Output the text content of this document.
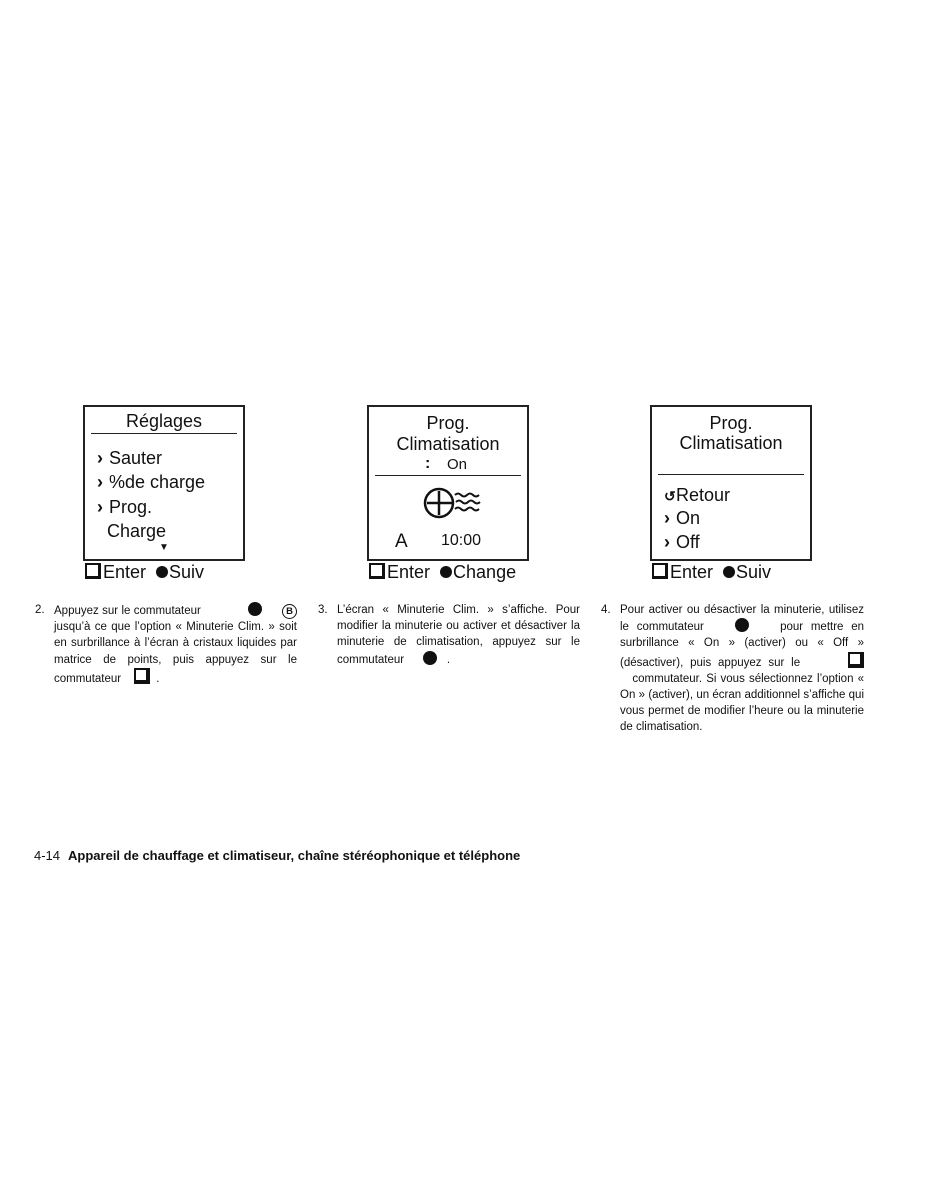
Réglages
› Sauter
› %de charge
› Prog.
Charge
▼
Enter Suiv
Prog.
Climatisation
: On
A 10:00
Enter Change
Prog.
Climatisation
↺Retour
› On
› Off
Enter Suiv
2. Appuyez sur le commutateur	B jusqu’à ce que l’option « Minuterie Clim. » soit en surbrillance à l’écran à cristaux liquides par matrice de points, puis appuyez sur le commutateur	.
3. L’écran « Minuterie Clim. » s’affiche. Pour modifier la minuterie ou activer et désactiver la minuterie de climatisation, appuyez sur le commutateur	.
4. Pour activer ou désactiver la minuterie, utilisez le commutateur	pour mettre en surbrillance « On » (activer) ou « Off » (désactiver), puis appuyez sur le          commutateur. Si vous sélectionnez l’option « On » (activer), un écran additionnel s’affiche qui vous permet de modifier l’heure ou la minuterie de climatisation.
4-14 Appareil de chauffage et climatiseur, chaîne stéréophonique et téléphone
